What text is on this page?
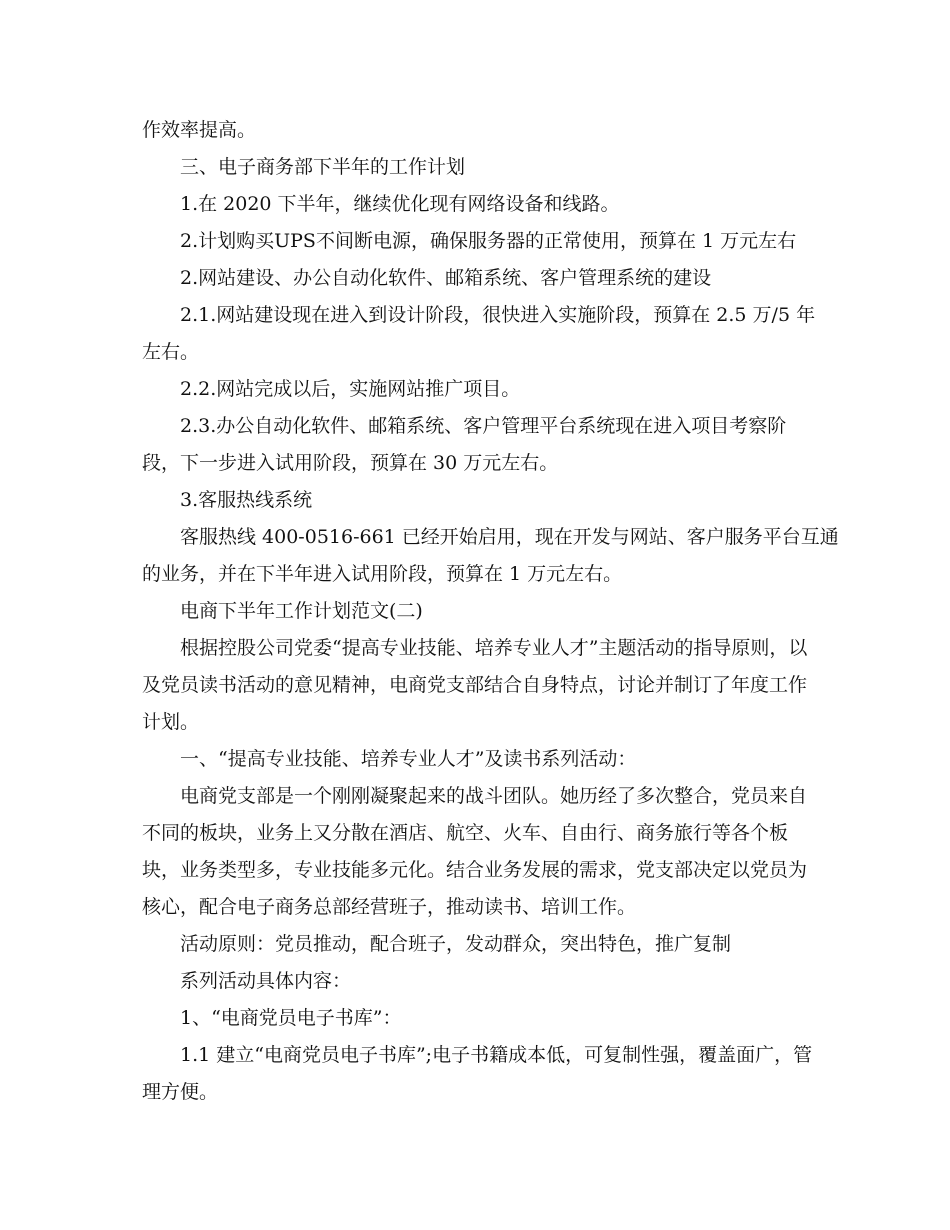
作效率提高。
三、电子商务部下半年的工作计划
1.在 2020 下半年，继续优化现有网络设备和线路。
2.计划购买UPS不间断电源，确保服务器的正常使用，预算在 1 万元左右
2.网站建设、办公自动化软件、邮箱系统、客户管理系统的建设
2.1.网站建设现在进入到设计阶段，很快进入实施阶段，预算在 2.5 万/5 年
左右。
2.2.网站完成以后，实施网站推广项目。
2.3.办公自动化软件、邮箱系统、客户管理平台系统现在进入项目考察阶
段，下一步进入试用阶段，预算在 30 万元左右。
3.客服热线系统
客服热线 400-0516-661 已经开始启用，现在开发与网站、客户服务平台互通
的业务，并在下半年进入试用阶段，预算在 1 万元左右。
电商下半年工作计划范文(二)
根据控股公司党委“提高专业技能、培养专业人才”主题活动的指导原则，以
及党员读书活动的意见精神，电商党支部结合自身特点，讨论并制订了年度工作
计划。
一、“提高专业技能、培养专业人才”及读书系列活动：
电商党支部是一个刚刚凝聚起来的战斗团队。她历经了多次整合，党员来自
不同的板块，业务上又分散在酒店、航空、火车、自由行、商务旅行等各个板
块，业务类型多，专业技能多元化。结合业务发展的需求，党支部决定以党员为
核心，配合电子商务总部经营班子，推动读书、培训工作。
活动原则：党员推动，配合班子，发动群众，突出特色，推广复制
系列活动具体内容：
1、“电商党员电子书库”：
1.1 建立“电商党员电子书库”;电子书籍成本低，可复制性强，覆盖面广，管
理方便。
